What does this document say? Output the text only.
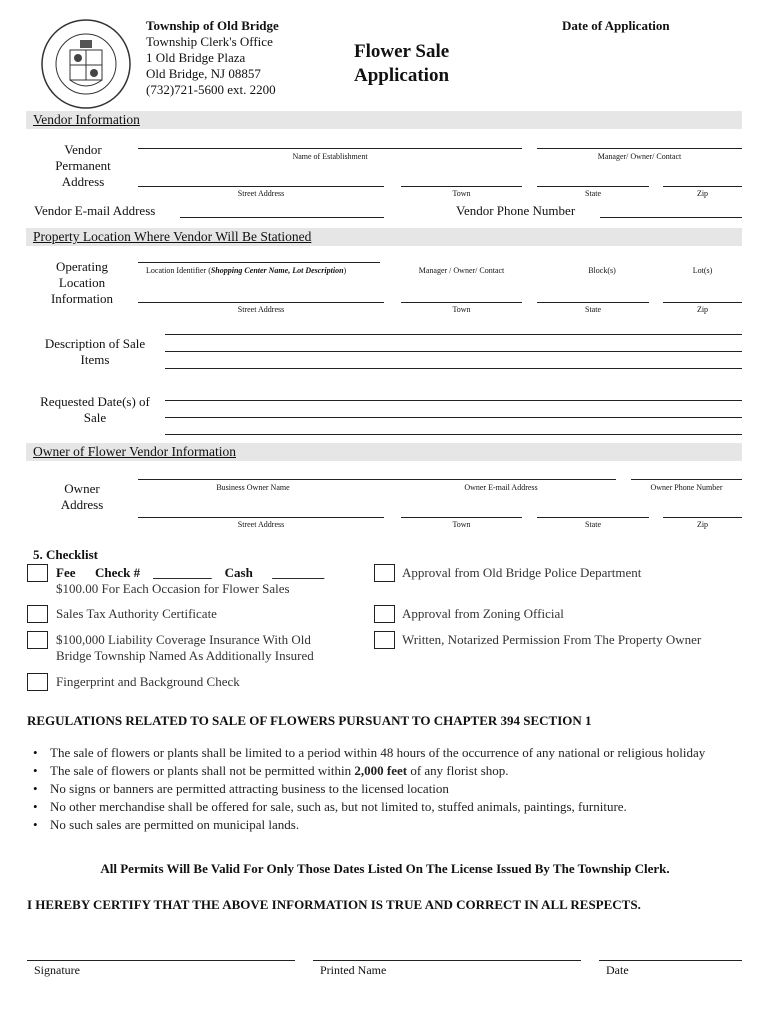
Township of Old Bridge
Township Clerk's Office
1 Old Bridge Plaza
Old Bridge, NJ 08857
(732)721-5600 ext. 2200
Flower Sale
Application
Date of Application
Vendor Information
Vendor
Permanent
Address
Name of Establishment	Manager/ Owner/ Contact
Street Address	Town	State	Zip
Vendor E-mail Address	Vendor Phone Number
Property Location Where Vendor Will Be Stationed
Operating
Location
Information
Location Identifier (Shopping Center Name, Lot Description)	Manager / Owner/ Contact	Block(s)	Lot(s)
Street Address	Town	State	Zip
Description of Sale
Items
Requested Date(s) of
Sale
Owner of Flower Vendor Information
Owner
Address
Business Owner Name	Owner E-mail Address	Owner Phone Number
Street Address	Town	State	Zip
5. Checklist
Fee      Check #    _________    Cash      ________
$100.00 For Each Occasion for Flower Sales
Sales Tax Authority Certificate
$100,000 Liability Coverage Insurance With Old
Bridge Township Named As Additionally Insured
Fingerprint and Background Check
Approval from Old Bridge Police Department
Approval from Zoning Official
Written, Notarized Permission From The Property Owner
REGULATIONS RELATED TO SALE OF FLOWERS PURSUANT TO CHAPTER 394 SECTION 1
• The sale of flowers or plants shall be limited to a period within 48 hours of the occurrence of any national or religious holiday
• The sale of flowers or plants shall not be permitted within 2,000 feet of any florist shop.
• No signs or banners are permitted attracting business to the licensed location
• No other merchandise shall be offered for sale, such as, but not limited to, stuffed animals, paintings, furniture.
• No such sales are permitted on municipal lands.
All Permits Will Be Valid For Only Those Dates Listed On The License Issued By The Township Clerk.
I HEREBY CERTIFY THAT THE ABOVE INFORMATION IS TRUE AND CORRECT IN ALL RESPECTS.
Signature	Printed Name	Date
